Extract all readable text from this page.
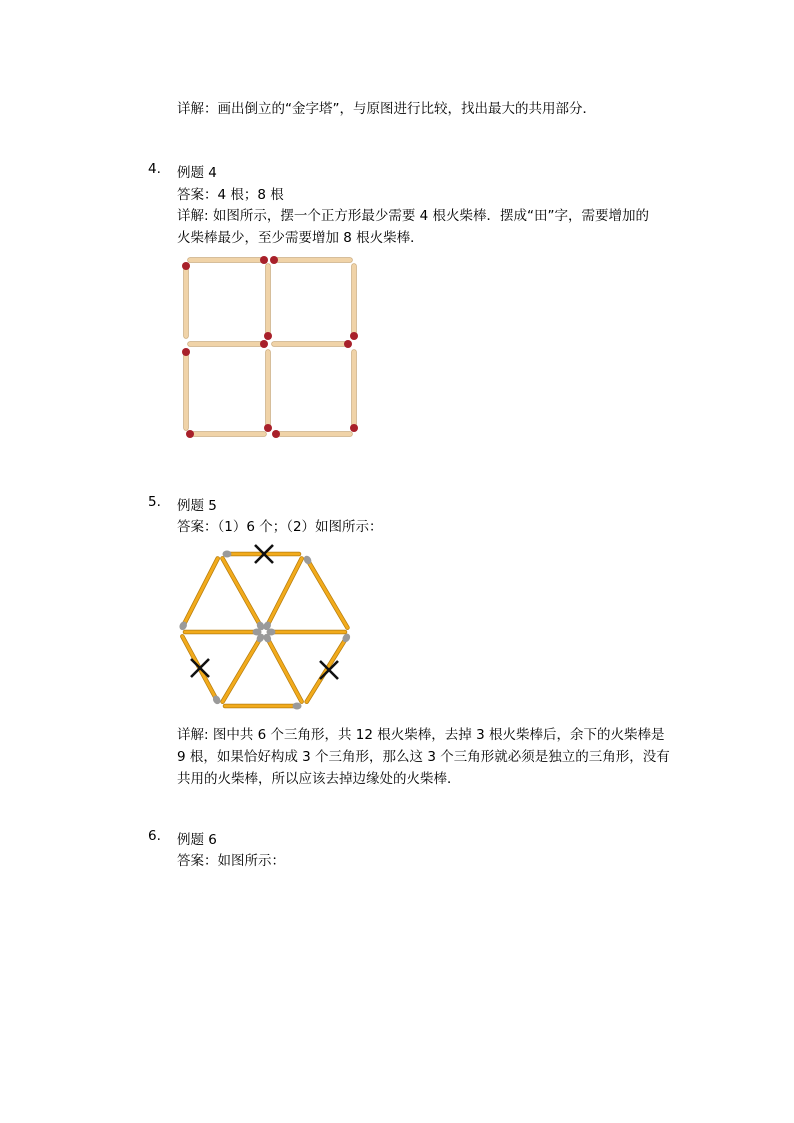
详解：画出倒立的“金字塔”，与原图进行比较，找出最大的共用部分．
4. 例题 4
答案：4 根；8 根
详解: 如图所示，摆一个正方形最少需要 4 根火柴棒．摆成“田”字，需要增加的
火柴棒最少，至少需要增加 8 根火柴棒．
5. 例题 5
答案：（1）6 个；（2）如图所示：
详解: 图中共 6 个三角形，共 12 根火柴棒，去掉 3 根火柴棒后，余下的火柴棒是
9 根，如果恰好构成 3 个三角形，那么这 3 个三角形就必须是独立的三角形，没有
共用的火柴棒，所以应该去掉边缘处的火柴棒．
6. 例题 6
答案：如图所示：
